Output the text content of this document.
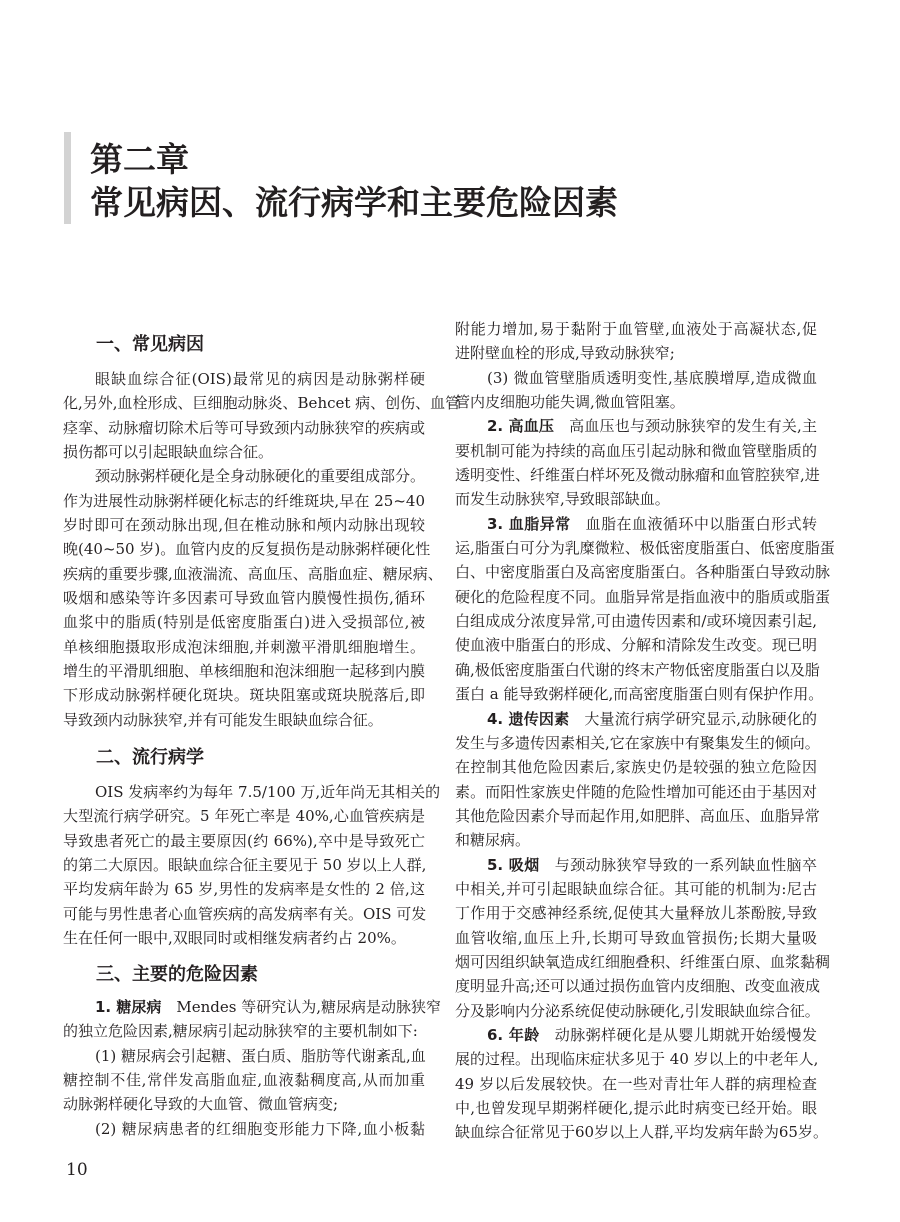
第二章
常见病因、流行病学和主要危险因素
一、常见病因
眼缺血综合征(OIS)最常见的病因是动脉粥样硬
化,另外,血栓形成、巨细胞动脉炎、Behcet 病、创伤、血管
痉挛、动脉瘤切除术后等可导致颈内动脉狭窄的疾病或
损伤都可以引起眼缺血综合征。
颈动脉粥样硬化是全身动脉硬化的重要组成部分。
作为进展性动脉粥样硬化标志的纤维斑块,早在 25~40
岁时即可在颈动脉出现,但在椎动脉和颅内动脉出现较
晚(40~50 岁)。血管内皮的反复损伤是动脉粥样硬化性
疾病的重要步骤,血液湍流、高血压、高脂血症、糖尿病、
吸烟和感染等许多因素可导致血管内膜慢性损伤,循环
血浆中的脂质(特别是低密度脂蛋白)进入受损部位,被
单核细胞摄取形成泡沫细胞,并刺激平滑肌细胞增生。
增生的平滑肌细胞、单核细胞和泡沫细胞一起移到内膜
下形成动脉粥样硬化斑块。斑块阻塞或斑块脱落后,即
导致颈内动脉狭窄,并有可能发生眼缺血综合征。
二、流行病学
OIS 发病率约为每年 7.5/100 万,近年尚无其相关的
大型流行病学研究。5 年死亡率是 40%,心血管疾病是
导致患者死亡的最主要原因(约 66%),卒中是导致死亡
的第二大原因。眼缺血综合征主要见于 50 岁以上人群,
平均发病年龄为 65 岁,男性的发病率是女性的 2 倍,这
可能与男性患者心血管疾病的高发病率有关。OIS 可发
生在任何一眼中,双眼同时或相继发病者约占 20%。
三、主要的危险因素
1. 糖尿病 Mendes 等研究认为,糖尿病是动脉狭窄
的独立危险因素,糖尿病引起动脉狭窄的主要机制如下:
(1) 糖尿病会引起糖、蛋白质、脂肪等代谢紊乱,血
糖控制不佳,常伴发高脂血症,血液黏稠度高,从而加重
动脉粥样硬化导致的大血管、微血管病变;
(2) 糖尿病患者的红细胞变形能力下降,血小板黏
附能力增加,易于黏附于血管壁,血液处于高凝状态,促
进附壁血栓的形成,导致动脉狭窄;
(3) 微血管壁脂质透明变性,基底膜增厚,造成微血
管内皮细胞功能失调,微血管阻塞。
2. 高血压 高血压也与颈动脉狭窄的发生有关,主
要机制可能为持续的高血压引起动脉和微血管壁脂质的
透明变性、纤维蛋白样坏死及微动脉瘤和血管腔狭窄,进
而发生动脉狭窄,导致眼部缺血。
3. 血脂异常 血脂在血液循环中以脂蛋白形式转
运,脂蛋白可分为乳糜微粒、极低密度脂蛋白、低密度脂蛋
白、中密度脂蛋白及高密度脂蛋白。各种脂蛋白导致动脉
硬化的危险程度不同。血脂异常是指血液中的脂质或脂蛋
白组成成分浓度异常,可由遗传因素和/或环境因素引起,
使血液中脂蛋白的形成、分解和清除发生改变。现已明
确,极低密度脂蛋白代谢的终末产物低密度脂蛋白以及脂
蛋白 a 能导致粥样硬化,而高密度脂蛋白则有保护作用。
4. 遗传因素 大量流行病学研究显示,动脉硬化的
发生与多遗传因素相关,它在家族中有聚集发生的倾向。
在控制其他危险因素后,家族史仍是较强的独立危险因
素。而阳性家族史伴随的危险性增加可能还由于基因对
其他危险因素介导而起作用,如肥胖、高血压、血脂异常
和糖尿病。
5. 吸烟 与颈动脉狭窄导致的一系列缺血性脑卒
中相关,并可引起眼缺血综合征。其可能的机制为:尼古
丁作用于交感神经系统,促使其大量释放儿茶酚胺,导致
血管收缩,血压上升,长期可导致血管损伤;长期大量吸
烟可因组织缺氧造成红细胞叠积、纤维蛋白原、血浆黏稠
度明显升高;还可以通过损伤血管内皮细胞、改变血液成
分及影响内分泌系统促使动脉硬化,引发眼缺血综合征。
6. 年龄 动脉粥样硬化是从婴儿期就开始缓慢发
展的过程。出现临床症状多见于 40 岁以上的中老年人,
49 岁以后发展较快。在一些对青壮年人群的病理检查
中,也曾发现早期粥样硬化,提示此时病变已经开始。眼
缺血综合征常见于60岁以上人群,平均发病年龄为65岁。
10
